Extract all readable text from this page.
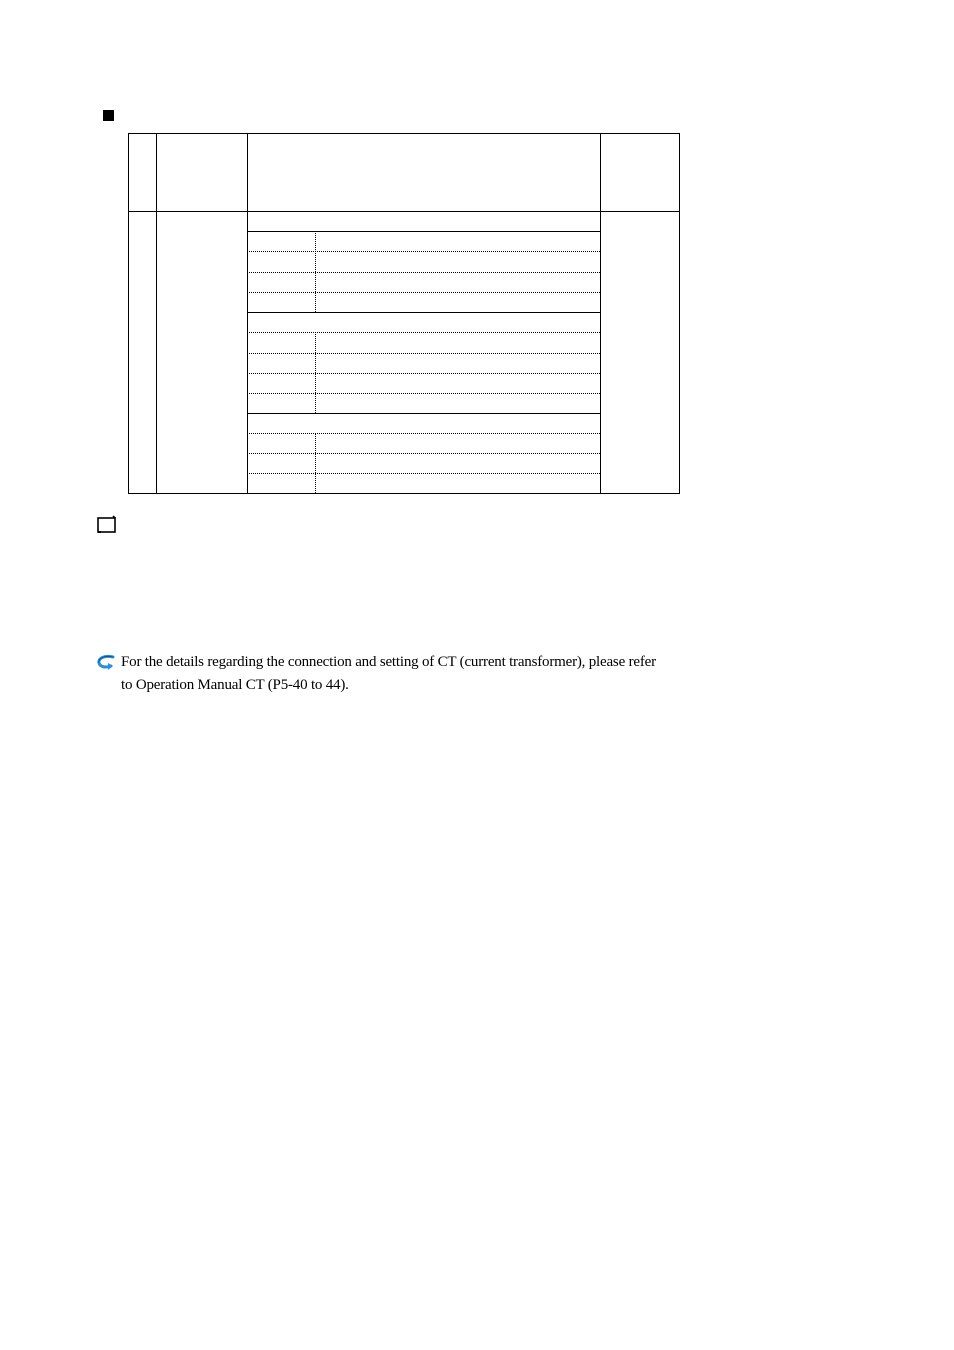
For the details regarding the connection and setting of CT (current transformer), please refer
to Operation Manual CT (P5-40 to 44).
